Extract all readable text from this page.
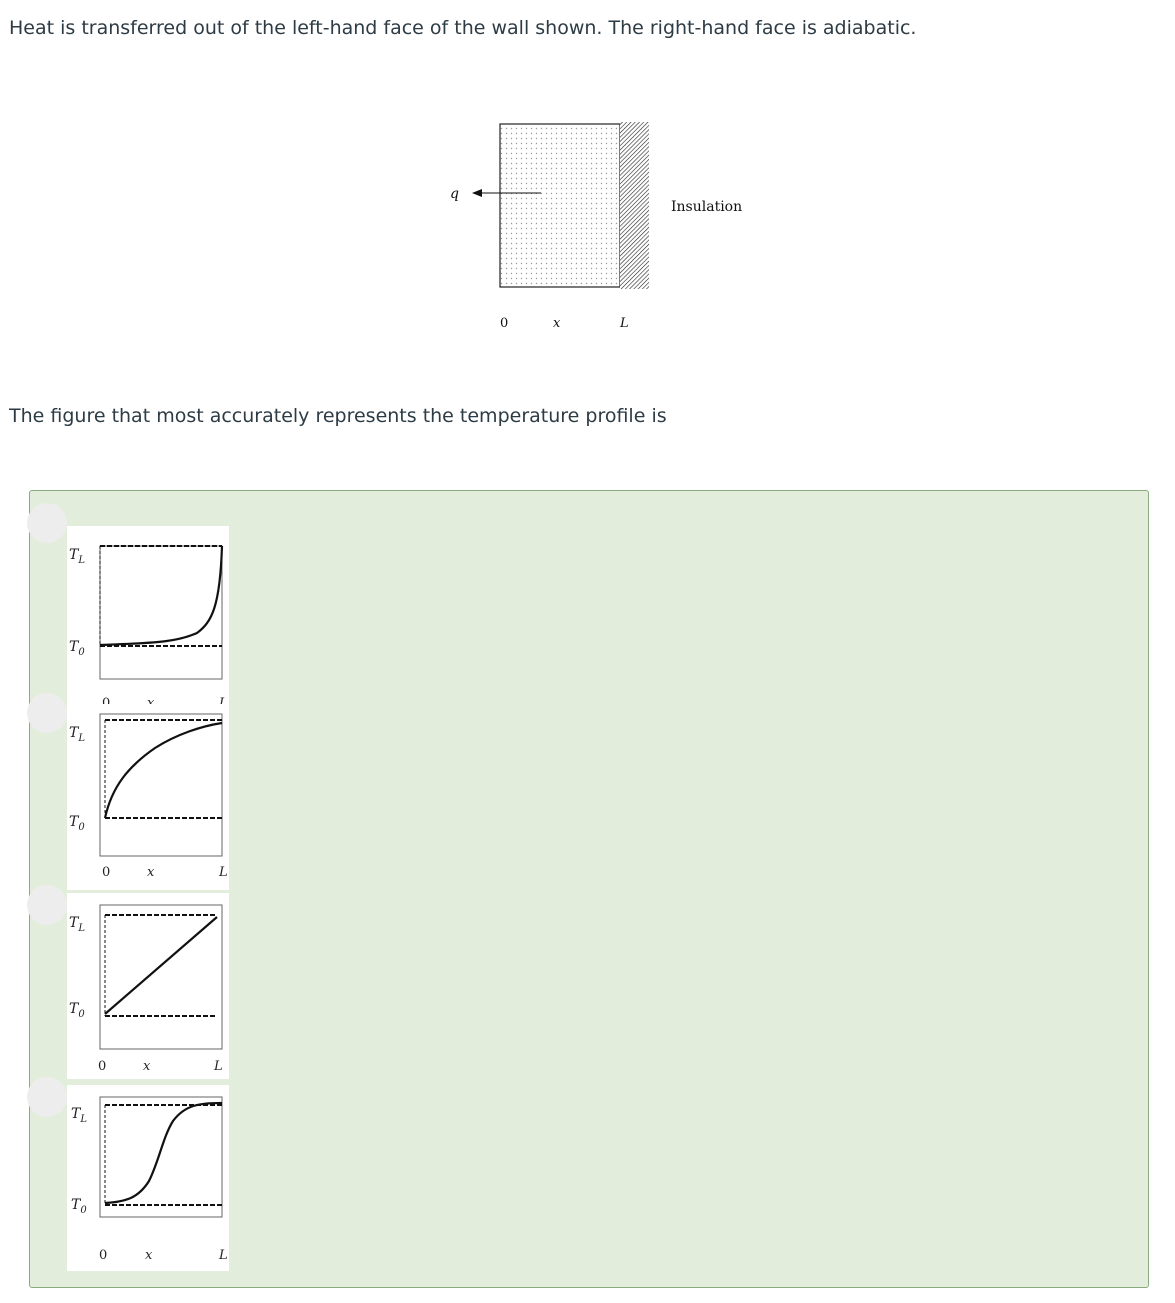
Heat is transferred out of the left-hand face of the wall shown. The right-hand face is adiabatic.
q
Insulation
0	x	L
The figure that most accurately represents the temperature profile is
$T_L$
$T_0$
0	x	L
$T_L$
$T_0$
0	x	L
$T_L$
$T_0$
0	x	L
$T_L$
$T_0$
0	x	L
